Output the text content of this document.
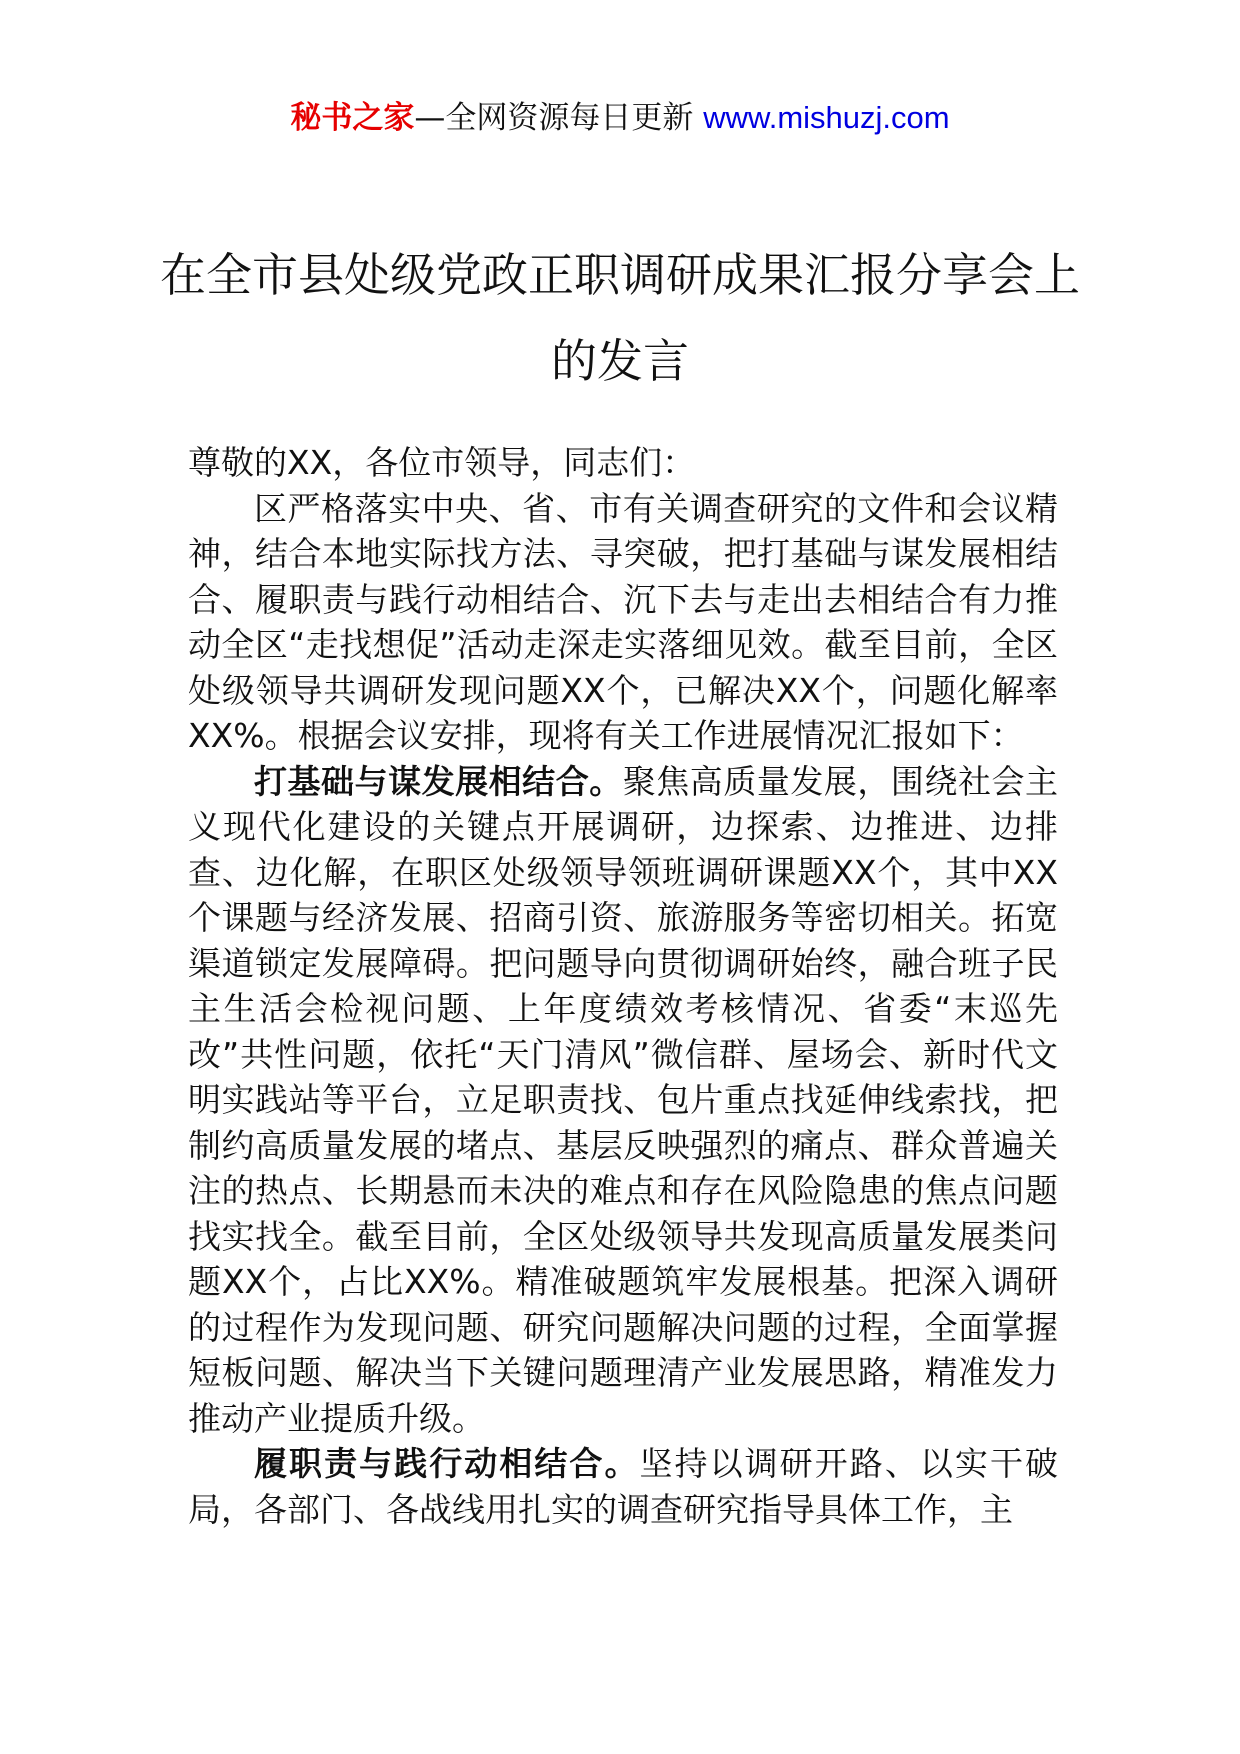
秘书之家—全网资源每日更新 www.mishuzj.com
在全市县处级党政正职调研成果汇报分享会上的发言

尊敬的XX，各位市领导，同志们：

区严格落实中央、省、市有关调查研究的文件和会议精神，结合本地实际找方法、寻突破，把打基础与谋发展相结合、履职责与践行动相结合、沉下去与走出去相结合有力推动全区“走找想促”活动走深走实落细见效。截至目前，全区处级领导共调研发现问题XX个，已解决XX个，问题化解率XX%。根据会议安排，现将有关工作进展情况汇报如下：

打基础与谋发展相结合。聚焦高质量发展，围绕社会主义现代化建设的关键点开展调研，边探索、边推进、边排查、边化解，在职区处级领导领班调研课题XX个，其中XX个课题与经济发展、招商引资、旅游服务等密切相关。拓宽渠道锁定发展障碍。把问题导向贯彻调研始终，融合班子民主生活会检视问题、上年度绩效考核情况、省委“末巡先改”共性问题，依托“天门清风”微信群、屋场会、新时代文明实践站等平台，立足职责找、包片重点找延伸线索找，把制约高质量发展的堵点、基层反映强烈的痛点、群众普遍关注的热点、长期悬而未决的难点和存在风险隐患的焦点问题找实找全。截至目前，全区处级领导共发现高质量发展类问题XX个，占比XX%。精准破题筑牢发展根基。把深入调研的过程作为发现问题、研究问题解决问题的过程，全面掌握短板问题、解决当下关键问题理清产业发展思路，精准发力推动产业提质升级。

履职责与践行动相结合。坚持以调研开路、以实干破局，各部门、各战线用扎实的调查研究指导具体工作，主
